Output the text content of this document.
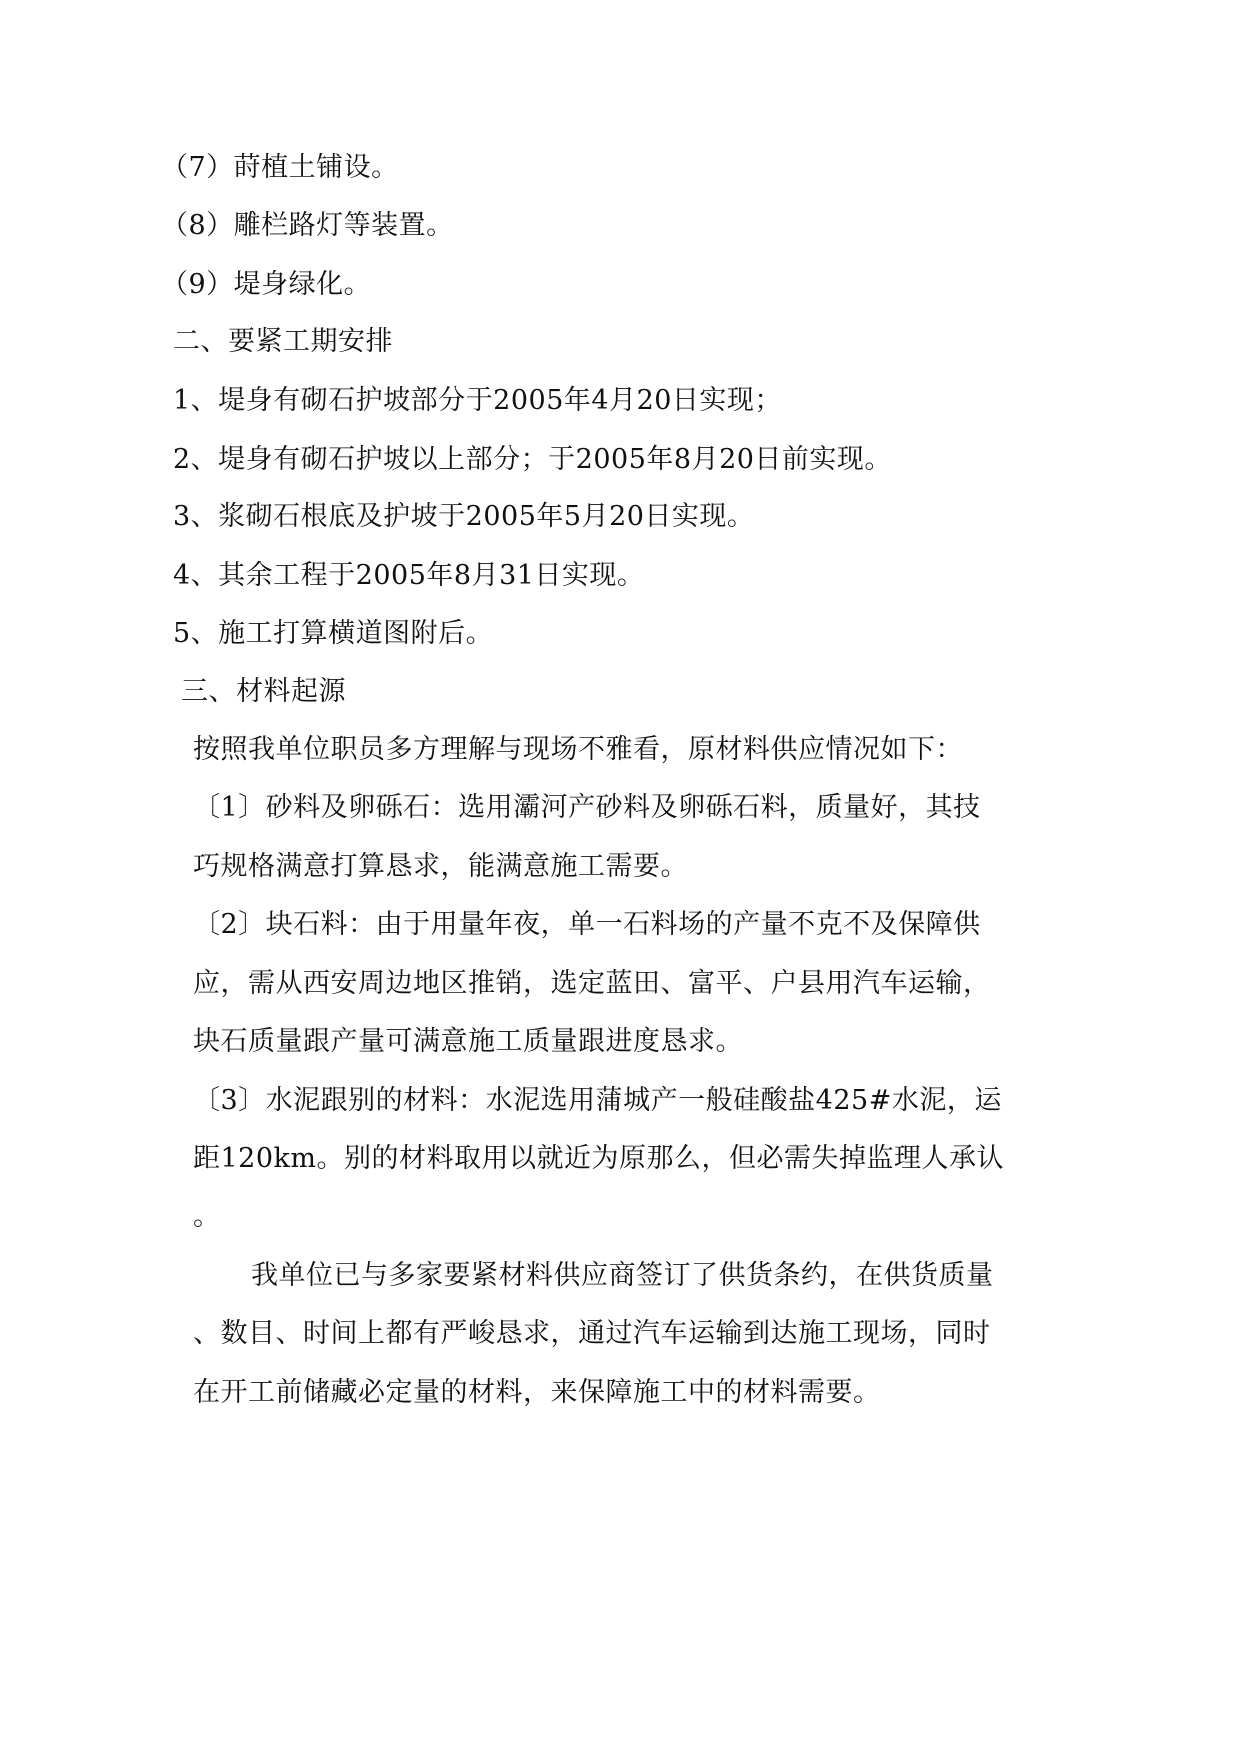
（7）莳植土铺设。
（8）雕栏路灯等装置。
（9）堤身绿化。
二、要紧工期安排
1、堤身有砌石护坡部分于2005年4月20日实现；
2、堤身有砌石护坡以上部分；于2005年8月20日前实现。
3、浆砌石根底及护坡于2005年5月20日实现。
4、其余工程于2005年8月31日实现。
5、施工打算横道图附后。
三、材料起源
按照我单位职员多方理解与现场不雅看，原材料供应情况如下：
〔1〕砂料及卵砾石：选用灞河产砂料及卵砾石料，质量好，其技
巧规格满意打算恳求，能满意施工需要。
〔2〕块石料：由于用量年夜，单一石料场的产量不克不及保障供
应，需从西安周边地区推销，选定蓝田、富平、户县用汽车运输，
块石质量跟产量可满意施工质量跟进度恳求。
〔3〕水泥跟别的材料：水泥选用蒲城产一般硅酸盐425#水泥，运
距120km。别的材料取用以就近为原那么，但必需失掉监理人承认
。
我单位已与多家要紧材料供应商签订了供货条约，在供货质量
、数目、时间上都有严峻恳求，通过汽车运输到达施工现场，同时
在开工前储藏必定量的材料，来保障施工中的材料需要。
